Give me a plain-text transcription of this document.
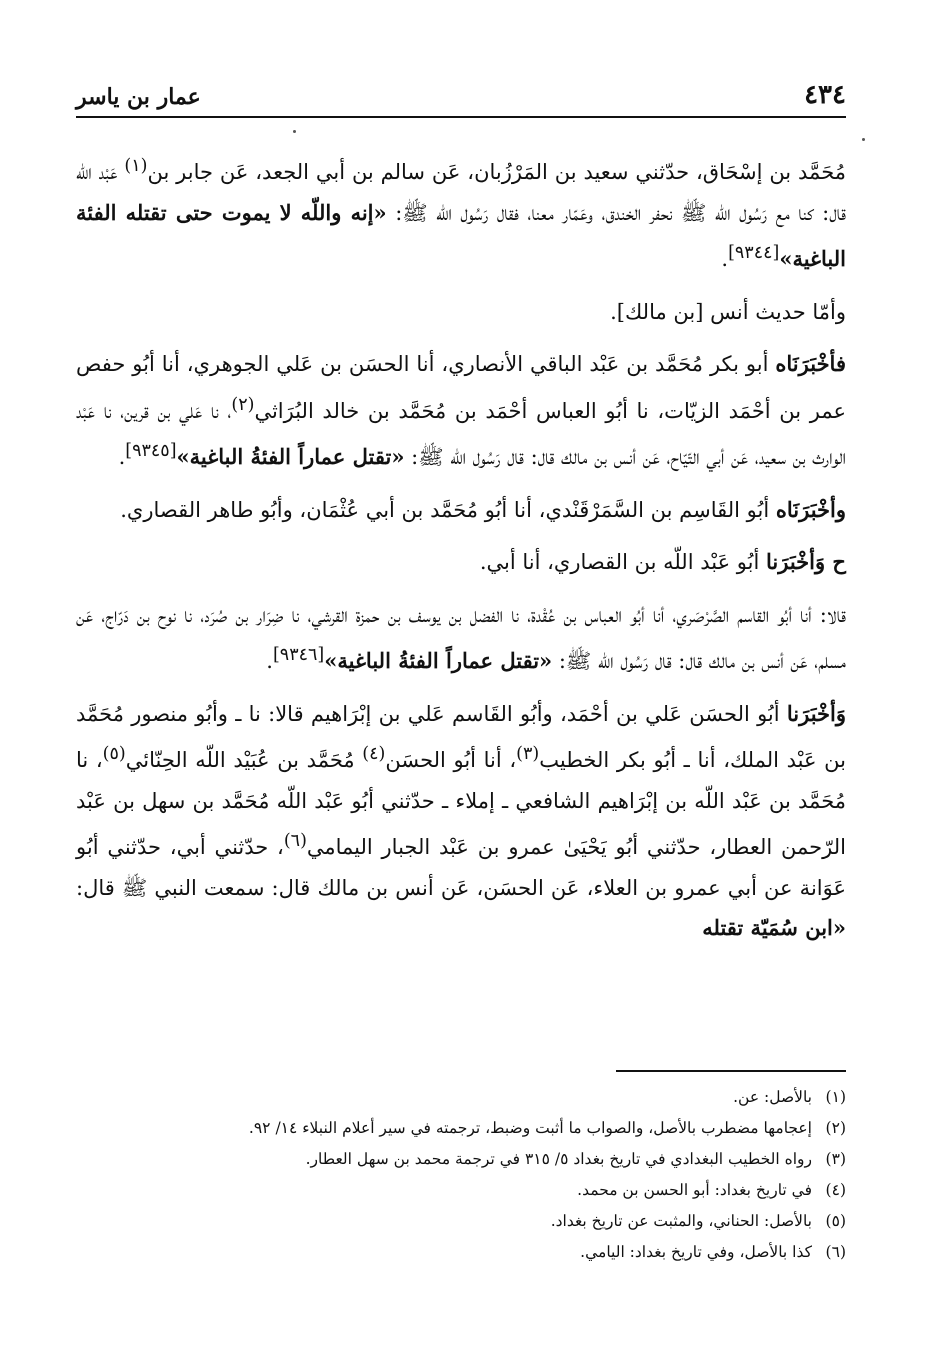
٤٣٤
عمار بن ياسر

مُحَمَّد بن إسْحَاق، حدّثني سعيد بن المَرْزُبان، عَن سالم بن أبي الجعد، عَن جابر بن$^{(١)}$ عَبْد اللّه قال: كنا مع رَسُول اللّه ﷺ نحفر الخندق، وعَمّار معنا، فقال رَسُول اللّه ﷺ: «إنه واللّه لا يموت حتى تقتله الفئة الباغية»[٩٣٤٤].

وأمّا حديث أنس [بن مالك].

فأخْبَرَنَاه أبو بكر مُحَمَّد بن عَبْد الباقي الأنصاري، أنا الحسَن بن عَلي الجوهري، أنا أبُو حفص عمر بن أحْمَد الزيّات، نا أبُو العباس أحْمَد بن مُحَمَّد بن خالد البُرَاثي$^{(٢)}$، نا عَلي بن قرين، نا عَبْد الوارث بن سعيد، عَن أبي التّيّاح، عَن أنس بن مالك قال: قال رَسُول اللّه ﷺ: «تقتل عماراً الفئةُ الباغية»[٩٣٤٥].

وأخْبَرَنَاه أبُو القَاسِم بن السَّمَرْقَنْدي، أنا أبُو مُحَمَّد بن أبي عُثْمَان، وأبُو طاهر القصاري.

ح وَأخْبَرَنا أبُو عَبْد اللّه بن القصاري، أنا أبي.

قالا: أنا أبُو القاسم الصَّرْصَري، أنا أبُو العباس بن عُقْدة، نا الفضل بن يوسف بن حمزة القرشي، نا ضِرَار بن صُرَد، نا نوح بن دَرّاج، عَن مسلم، عَن أنس بن مالك قال: قال رَسُول اللّه ﷺ: «تقتل عماراً الفئةُ الباغية»[٩٣٤٦].

وَأخْبَرَنا أبُو الحسَن عَلي بن أحْمَد، وأبُو القَاسم عَلي بن إبْرَاهيم قالا: نا ـ وأبُو منصور مُحَمَّد بن عَبْد الملك، أنا ـ أبُو بكر الخطيب$^{(٣)}$، أنا أبُو الحسَن$^{(٤)}$ مُحَمَّد بن عُبَيْد اللّه الحِنّائي$^{(٥)}$، نا مُحَمَّد بن عَبْد اللّه بن إبْرَاهيم الشافعي ـ إملاء ـ حدّثني أبُو عَبْد اللّه مُحَمَّد بن سهل بن عَبْد الرّحمن العطار، حدّثني أبُو يَحْيَىٰ عمرو بن عَبْد الجبار اليمامي$^{(٦)}$، حدّثني أبي، حدّثني أبُو عَوَانة عن أبي عمرو بن العلاء، عَن الحسَن، عَن أنس بن مالك قال: سمعت النبي ﷺ قال: «ابن سُمَيّة تقتله

(١)بالأصل: عن.
(٢)إعجامها مضطرب بالأصل، والصواب ما أثبت وضبط، ترجمته في سير أعلام النبلاء ١٤/ ٩٢.
(٣)رواه الخطيب البغدادي في تاريخ بغداد ٥/ ٣١٥ في ترجمة محمد بن سهل العطار.
(٤)في تاريخ بغداد: أبو الحسن بن محمد.
(٥)بالأصل: الحناني، والمثبت عن تاريخ بغداد.
(٦)كذا بالأصل، وفي تاريخ بغداد: اليامي.
